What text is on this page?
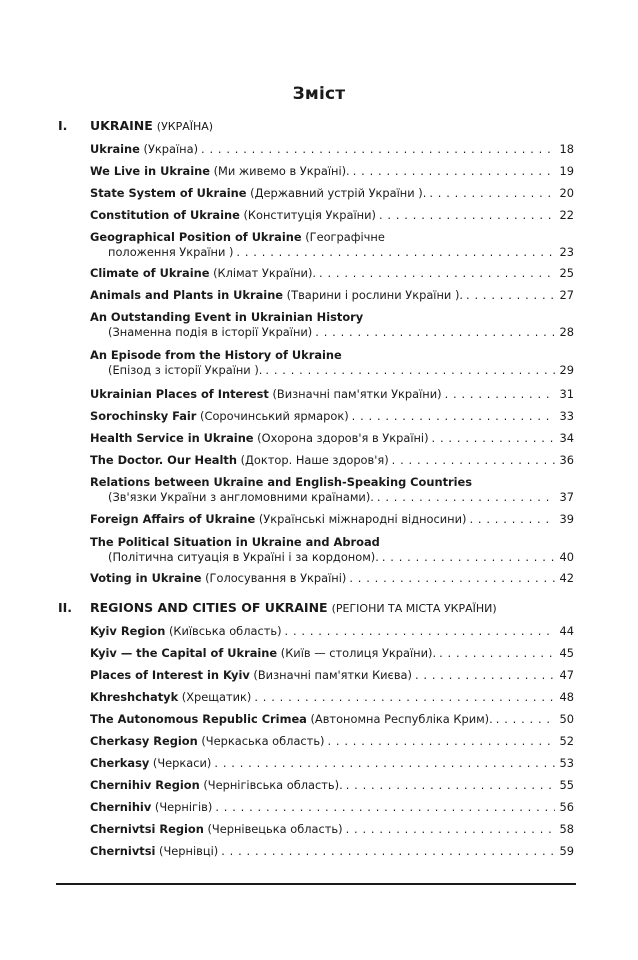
Зміст
I. UKRAINE (УКРАЇНА)
Ukraine (Україна) . . .	18
We Live in Ukraine (Ми живемо в Україні). . . .	19
State System of Ukraine (Державний устрій України ). . . .	20
Constitution of Ukraine (Конституція України) . . .	22
Geographical Position of Ukraine (Географічне
положення України ) . . .	23
Climate of Ukraine (Клімат України). . . .	25
Animals and Plants in Ukraine (Тварини і рослини України ). . . .	27
An Outstanding Event in Ukrainian History
(Знаменна подія в історії України) . . .	28
An Episode from the History of Ukraine
(Епізод з історії України ). . . .	29
Ukrainian Places of Interest (Визначні пам'ятки України) . . .	31
Sorochinsky Fair (Сорочинський ярмарок) . . .	33
Health Service in Ukraine (Охорона здоров'я в Україні) . . .	34
The Doctor. Our Health (Доктор. Наше здоров'я) . . .	36
Relations between Ukraine and English-Speaking Countries
(Зв'язки України з англомовними країнами). . . .	37
Foreign Affairs of Ukraine (Українські міжнародні відносини) . . .	39
The Political Situation in Ukraine and Abroad
(Політична ситуація в Україні і за кордоном). . . .	40
Voting in Ukraine (Голосування в Україні) . . .	42
II. REGIONS AND CITIES OF UKRAINE (РЕГІОНИ ТА МІСТА УКРАЇНИ)
Kyiv Region (Київська область) . . .	44
Kyiv — the Capital of Ukraine (Київ — столиця України). . . .	45
Places of Interest in Kyiv (Визначні пам'ятки Києва) . . .	47
Khreshchatyk (Хрещатик) . . .	48
The Autonomous Republic Crimea (Автономна Республіка Крим). . . .	50
Cherkasy Region (Черкаська область) . . .	52
Cherkasy (Черкаси) . . .	53
Chernihiv Region (Чернігівська область). . . .	55
Chernihiv (Чернігів) . . .	56
Chernivtsi Region (Чернівецька область) . . .	58
Chernivtsi (Чернівці) . . .	59
